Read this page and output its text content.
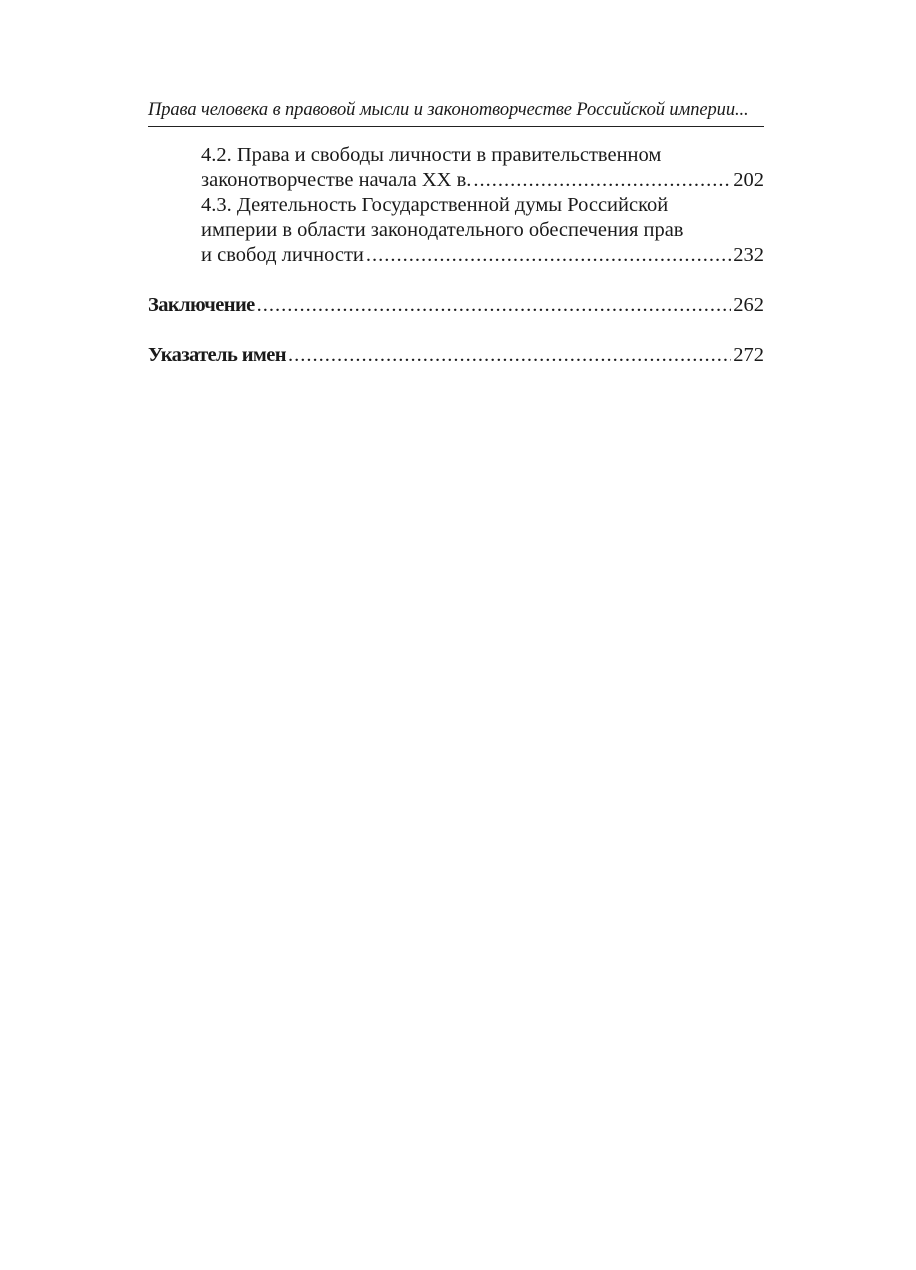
Права человека в правовой мысли и законотворчестве Российской империи...
4.2. Права и свободы личности в правительственном
законотворчестве начала XX в. .....	202
4.3. Деятельность Государственной думы Российской
империи в области законодательного обеспечения прав
и свобод личности .....	232
Заключение .....	262
Указатель имен .....	272
